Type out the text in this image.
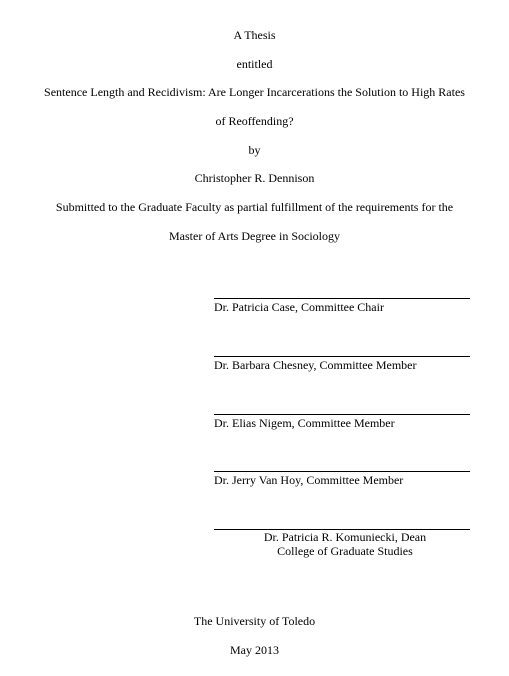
A Thesis
entitled
Sentence Length and Recidivism: Are Longer Incarcerations the Solution to High Rates
of Reoffending?
by
Christopher R. Dennison
Submitted to the Graduate Faculty as partial fulfillment of the requirements for the
Master of Arts Degree in Sociology
Dr. Patricia Case, Committee Chair
Dr. Barbara Chesney, Committee Member
Dr. Elias Nigem, Committee Member
Dr. Jerry Van Hoy, Committee Member
Dr. Patricia R. Komuniecki, Dean
College of Graduate Studies
The University of Toledo
May 2013
